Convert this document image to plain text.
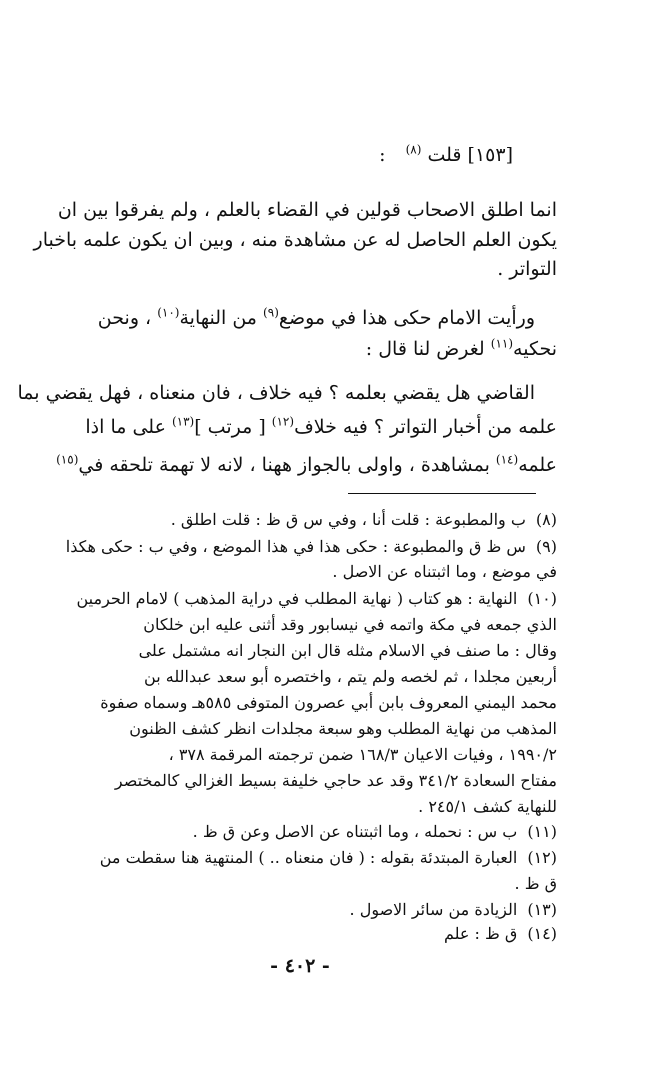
[١٥٣] قلت $^{(٨)}$ :
انما اطلق الاصحاب قولين في القضاء بالعلم ، ولم يفرقوا بين ان
يكون العلم الحاصل له عن مشاهدة منه ، وبين ان يكون علمه باخبار
التواتر .
ورأيت الامام حكى هذا في موضع$^{(٩)}$ من النهاية$^{(١٠)}$ ، ونحن
نحكيه$^{(١١)}$ لغرض لنا قال :
القاضي هل يقضي بعلمه ؟ فيه خلاف ، فان منعناه ، فهل يقضي بما
علمه من أخبار التواتر ؟ فيه خلاف$^{(١٢)}$ [ مرتب ]$^{(١٣)}$ على ما اذا
علمه$^{(١٤)}$ بمشاهدة ، واولى بالجواز ههنا ، لانه لا تهمة تلحقه في$^{(١٥)}$
(٨)ب والمطبوعة : قلت أنا ، وفي س ق ظ : قلت اطلق .
(٩)س ظ ق والمطبوعة : حكى هذا في هذا الموضع ، وفي ب : حكى هكذا
في موضع ، وما اثبتناه عن الاصل .
(١٠)النهاية : هو كتاب ( نهاية المطلب في دراية المذهب ) لامام الحرمين
الذي جمعه في مكة واتمه في نيسابور وقد أثنى عليه ابن خلكان
وقال : ما صنف في الاسلام مثله قال ابن النجار انه مشتمل على
أربعين مجلدا ، ثم لخصه ولم يتم ، واختصره أبو سعد عبدالله بن
محمد اليمني المعروف بابن أبي عصرون المتوفى ٥٨٥هـ وسماه صفوة
المذهب من نهاية المطلب وهو سبعة مجلدات انظر كشف الظنون
١٩٩٠/٢ ، وفيات الاعيان ١٦٨/٣ ضمن ترجمته المرقمة ٣٧٨ ،
مفتاح السعادة ٣٤١/٢ وقد عد حاجي خليفة بسيط الغزالي كالمختصر
للنهاية كشف ٢٤٥/١ .
(١١)ب س : نحمله ، وما اثبتناه عن الاصل وعن ق ظ .
(١٢)العبارة المبتدئة بقوله : ( فان منعناه .. ) المنتهية هنا سقطت من
ق ظ .
(١٣)الزيادة من سائر الاصول .
(١٤)ق ظ : علم
- ٤٠٢ -
